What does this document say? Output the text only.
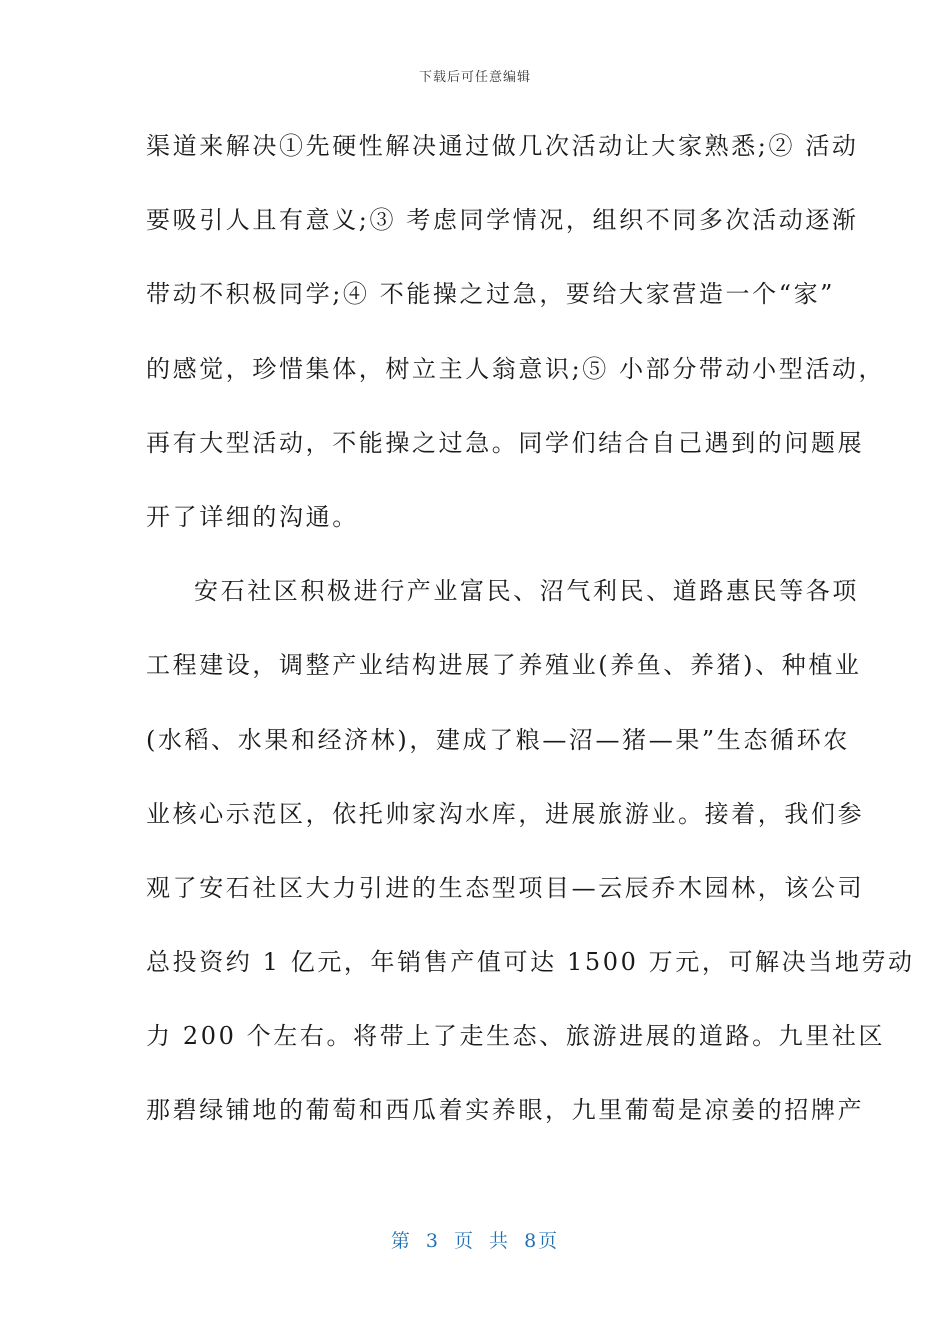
下载后可任意编辑
渠道来解决①先硬性解决通过做几次活动让大家熟悉;② 活动
要吸引人且有意义;③ 考虑同学情况，组织不同多次活动逐渐
带动不积极同学;④ 不能操之过急，要给大家营造一个“家”
的感觉，珍惜集体，树立主人翁意识;⑤ 小部分带动小型活动，
再有大型活动，不能操之过急。同学们结合自己遇到的问题展
开了详细的沟通。
安石社区积极进行产业富民、沼气利民、道路惠民等各项
工程建设，调整产业结构进展了养殖业(养鱼、养猪)、种植业
(水稻、水果和经济林)，建成了粮—沼—猪—果”生态循环农
业核心示范区，依托帅家沟水库，进展旅游业。接着，我们参
观了安石社区大力引进的生态型项目—云辰乔木园林，该公司
总投资约 1 亿元，年销售产值可达 1500 万元，可解决当地劳动
力 200 个左右。将带上了走生态、旅游进展的道路。九里社区
那碧绿铺地的葡萄和西瓜着实养眼，九里葡萄是凉姜的招牌产
第 3 页 共 8页
